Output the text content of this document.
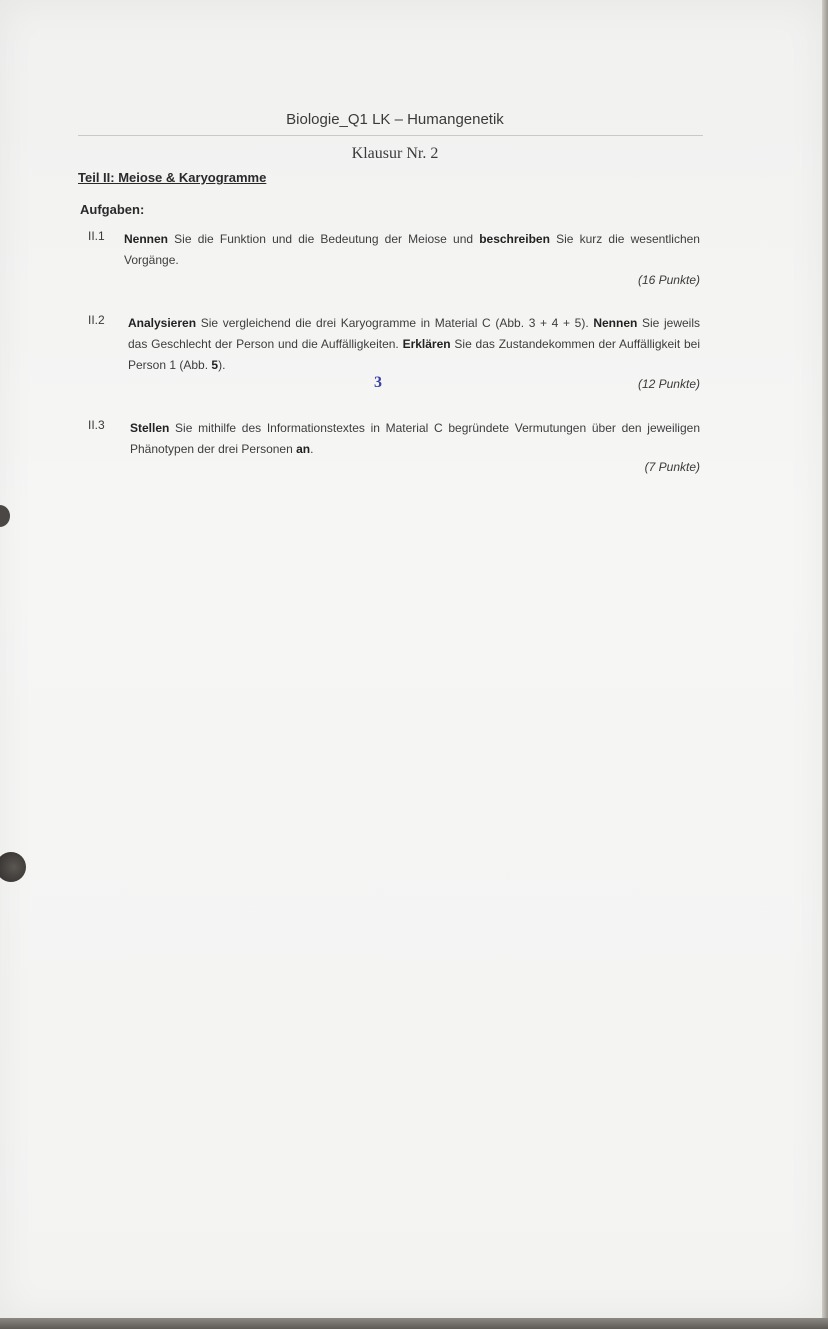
Biologie_Q1 LK – Humangenetik
Klausur Nr. 2
Teil II: Meiose & Karyogramme
Aufgaben:
II.1 Nennen Sie die Funktion und die Bedeutung der Meiose und beschreiben Sie kurz die wesentlichen Vorgänge.
(16 Punkte)
II.2 Analysieren Sie vergleichend die drei Karyogramme in Material C (Abb. 3 + 4 + 5). Nennen Sie jeweils das Geschlecht der Person und die Auffälligkeiten. Erklären Sie das Zustandekommen der Auffälligkeit bei Person 1 (Abb. 5).
(12 Punkte)
3
II.3 Stellen Sie mithilfe des Informationstextes in Material C begründete Vermutungen über den jeweiligen Phänotypen der drei Personen an.
(7 Punkte)
